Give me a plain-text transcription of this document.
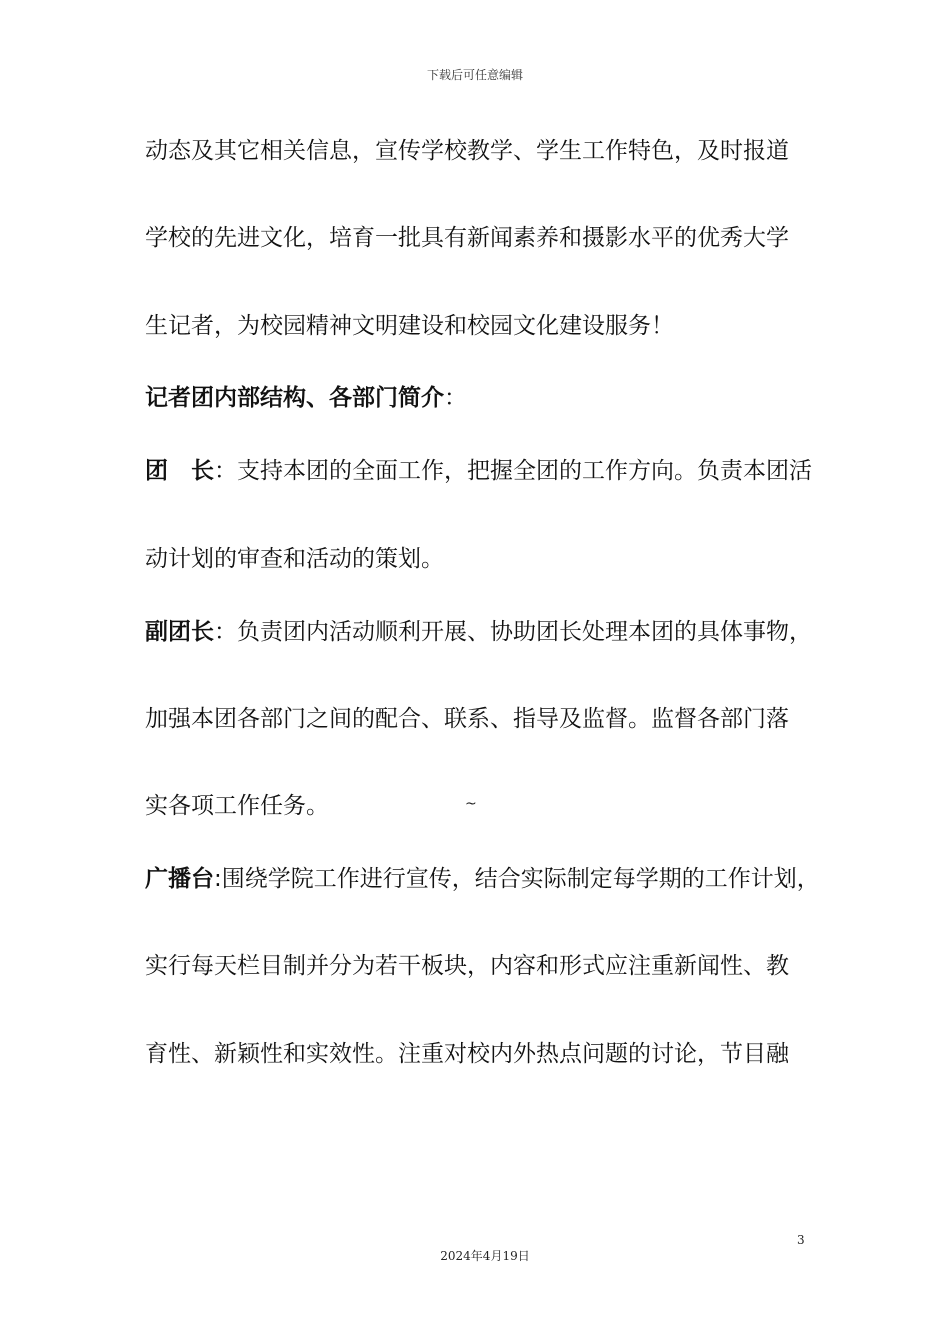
下载后可任意编辑
动态及其它相关信息，宣传学校教学、学生工作特色，及时报道
学校的先进文化，培育一批具有新闻素养和摄影水平的优秀大学
生记者，为校园精神文明建设和校园文化建设服务！
记者团内部结构、各部门简介：
团　长：支持本团的全面工作，把握全团的工作方向。负责本团活
动计划的审查和活动的策划。
副团长：负责团内活动顺利开展、协助团长处理本团的具体事物，
加强本团各部门之间的配合、联系、指导及监督。监督各部门落
实各项工作任务。	~
广播台:围绕学院工作进行宣传，结合实际制定每学期的工作计划，
实行每天栏目制并分为若干板块，内容和形式应注重新闻性、教
育性、新颖性和实效性。注重对校内外热点问题的讨论，节目融
3
2024年4月19日
